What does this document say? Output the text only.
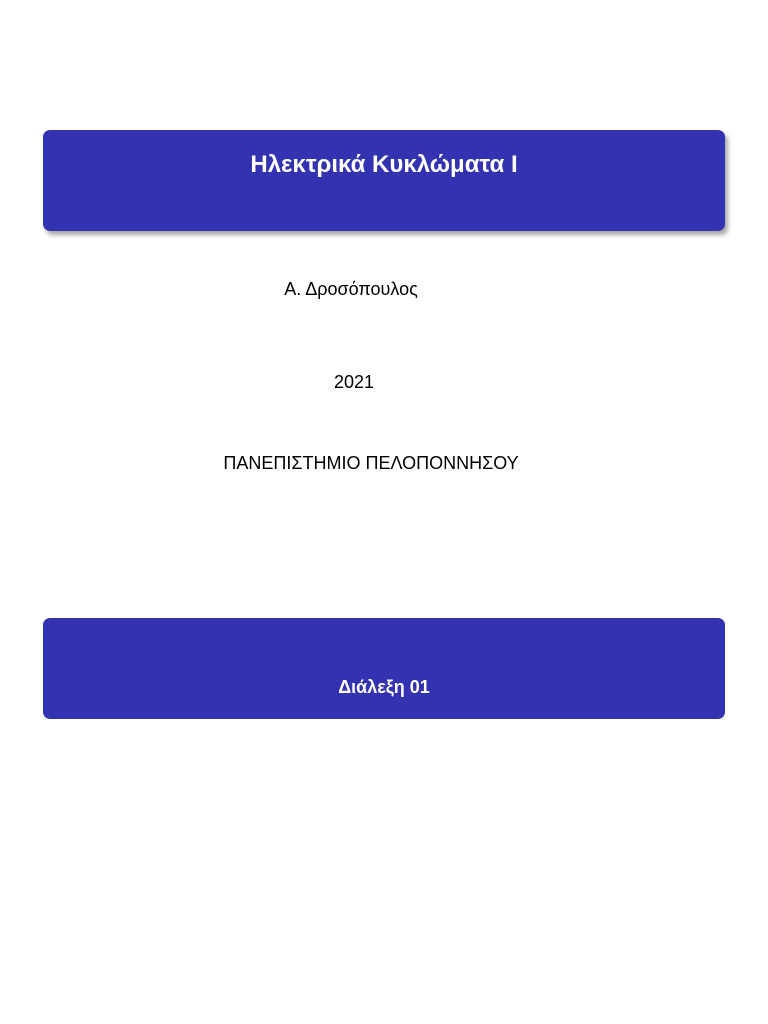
Ηλεκτρικά Κυκλώματα Ι
Α. Δροσόπουλος
2021
ΠΑΝΕΠΙΣΤΗΜΙΟ ΠΕΛΟΠΟΝΝΗΣΟΥ
Διάλεξη 01
